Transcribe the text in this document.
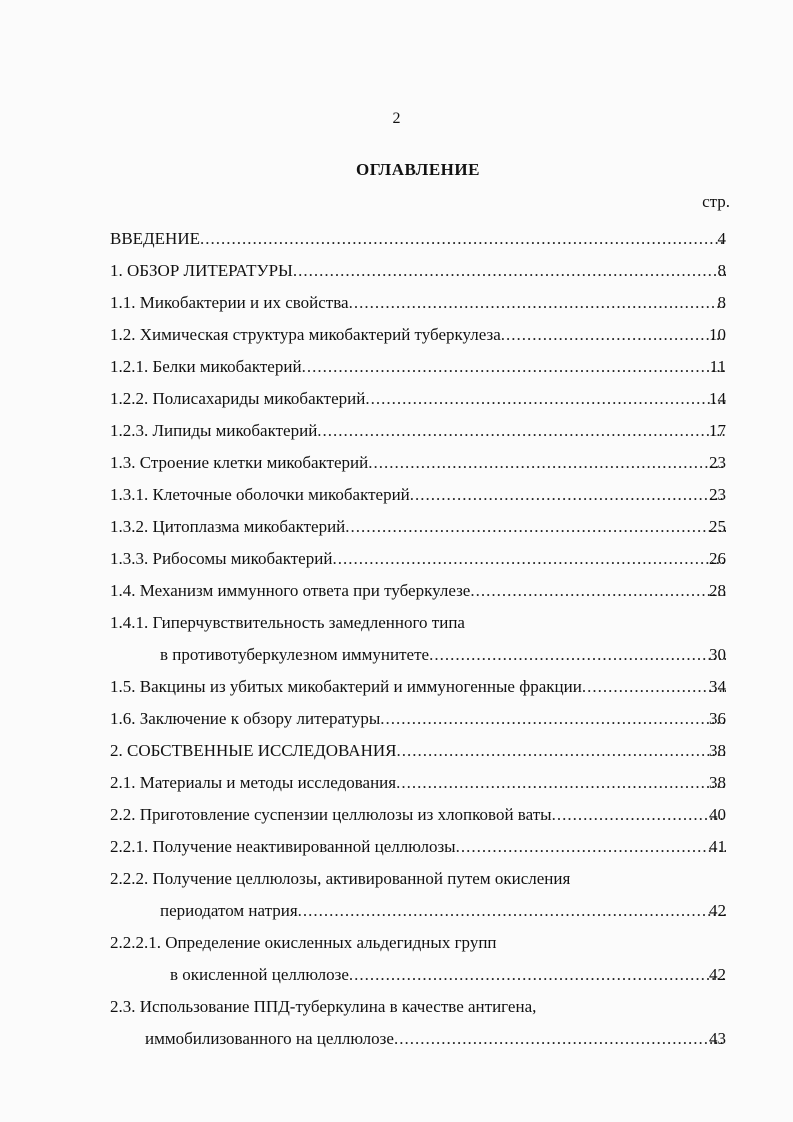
2
ОГЛАВЛЕНИЕ
стр.
ВВЕДЕНИЕ .....	4
1. ОБЗОР ЛИТЕРАТУРЫ .....	8
1.1. Микобактерии и их свойства .....	8
1.2. Химическая структура микобактерий туберкулеза .....	10
1.2.1. Белки микобактерий .....	11
1.2.2. Полисахариды микобактерий .....	14
1.2.3. Липиды микобактерий .....	17
1.3. Строение клетки микобактерий .....	23
1.3.1. Клеточные оболочки микобактерий .....	23
1.3.2. Цитоплазма микобактерий .....	25
1.3.3. Рибосомы микобактерий .....	26
1.4. Механизм иммунного ответа при туберкулезе .....	28
1.4.1. Гиперчувствительность замедленного типа
в противотуберкулезном иммунитете .....	30
1.5. Вакцины из убитых микобактерий и иммуногенные фракции .....	34
1.6. Заключение к обзору литературы .....	36
2. СОБСТВЕННЫЕ ИССЛЕДОВАНИЯ .....	38
2.1. Материалы и методы исследования .....	38
2.2. Приготовление суспензии целлюлозы из хлопковой ваты .....	40
2.2.1. Получение неактивированной целлюлозы .....	41
2.2.2. Получение целлюлозы, активированной путем окисления
периодатом натрия .....	42
2.2.2.1. Определение окисленных альдегидных групп
в окисленной целлюлозе .....	42
2.3. Использование ППД-туберкулина в качестве антигена,
иммобилизованного на целлюлозе .....	43
